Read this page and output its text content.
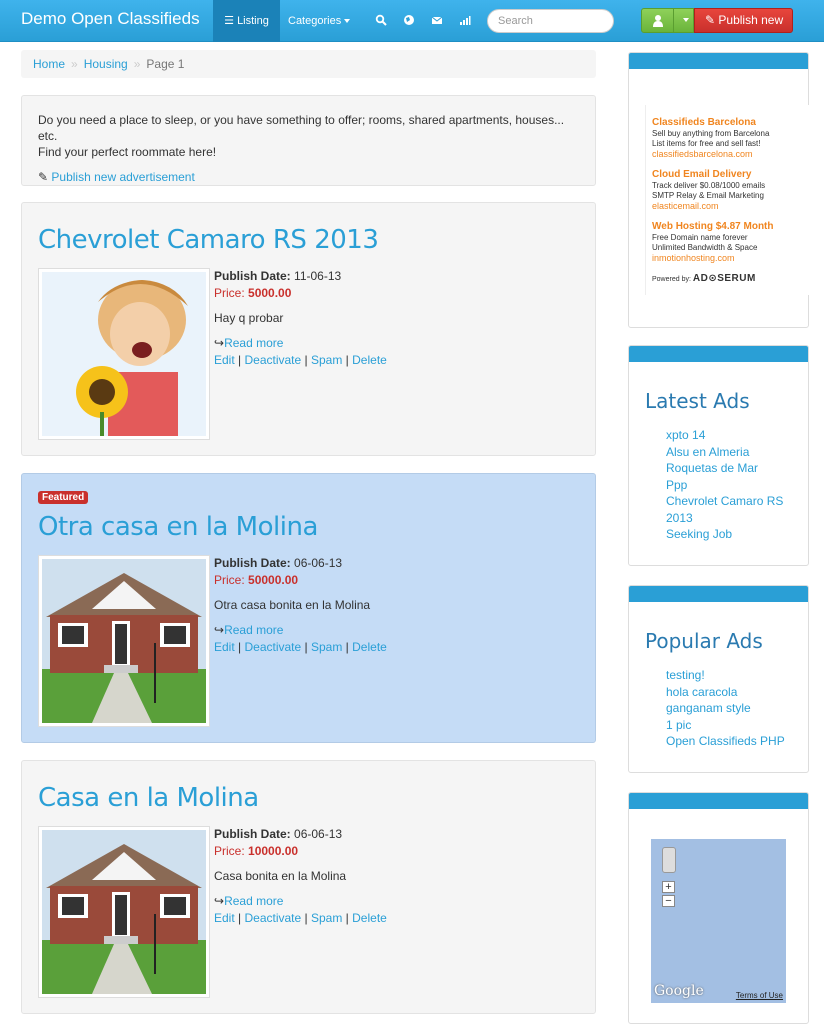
Demo Open Classifieds	☰ Listing	Categories
Search	✎ Publish new
Home » Housing » Page 1
Do you need a place to sleep, or you have something to offer; rooms, shared apartments, houses... etc.
Find your perfect roommate here!
✎ Publish new advertisement
Chevrolet Camaro RS 2013
Publish Date: 11-06-13
Price: 5000.00
Hay q probar
↪Read more
Edit | Deactivate | Spam | Delete
Featured
Otra casa en la Molina
Publish Date: 06-06-13
Price: 50000.00
Otra casa bonita en la Molina
↪Read more
Edit | Deactivate | Spam | Delete
Casa en la Molina
Publish Date: 06-06-13
Price: 10000.00
Casa bonita en la Molina
↪Read more
Edit | Deactivate | Spam | Delete
Classifieds Barcelona
Sell buy anything from Barcelona
List items for free and sell fast!
classifiedsbarcelona.com
Cloud Email Delivery
Track deliver $0.08/1000 emails
SMTP Relay & Email Marketing
elasticemail.com
Web Hosting $4.87 Month
Free Domain name forever
Unlimited Bandwidth & Space
inmotionhosting.com
Powered by: AD⊙SERUM
Latest Ads
xpto 14
Alsu en Almeria
Roquetas de Mar
Ppp
Chevrolet Camaro RS
2013
Seeking Job
Popular Ads
testing!
hola caracola
ganganam style
1 pic
Open Classifieds PHP
+
−
Google	Terms of Use
